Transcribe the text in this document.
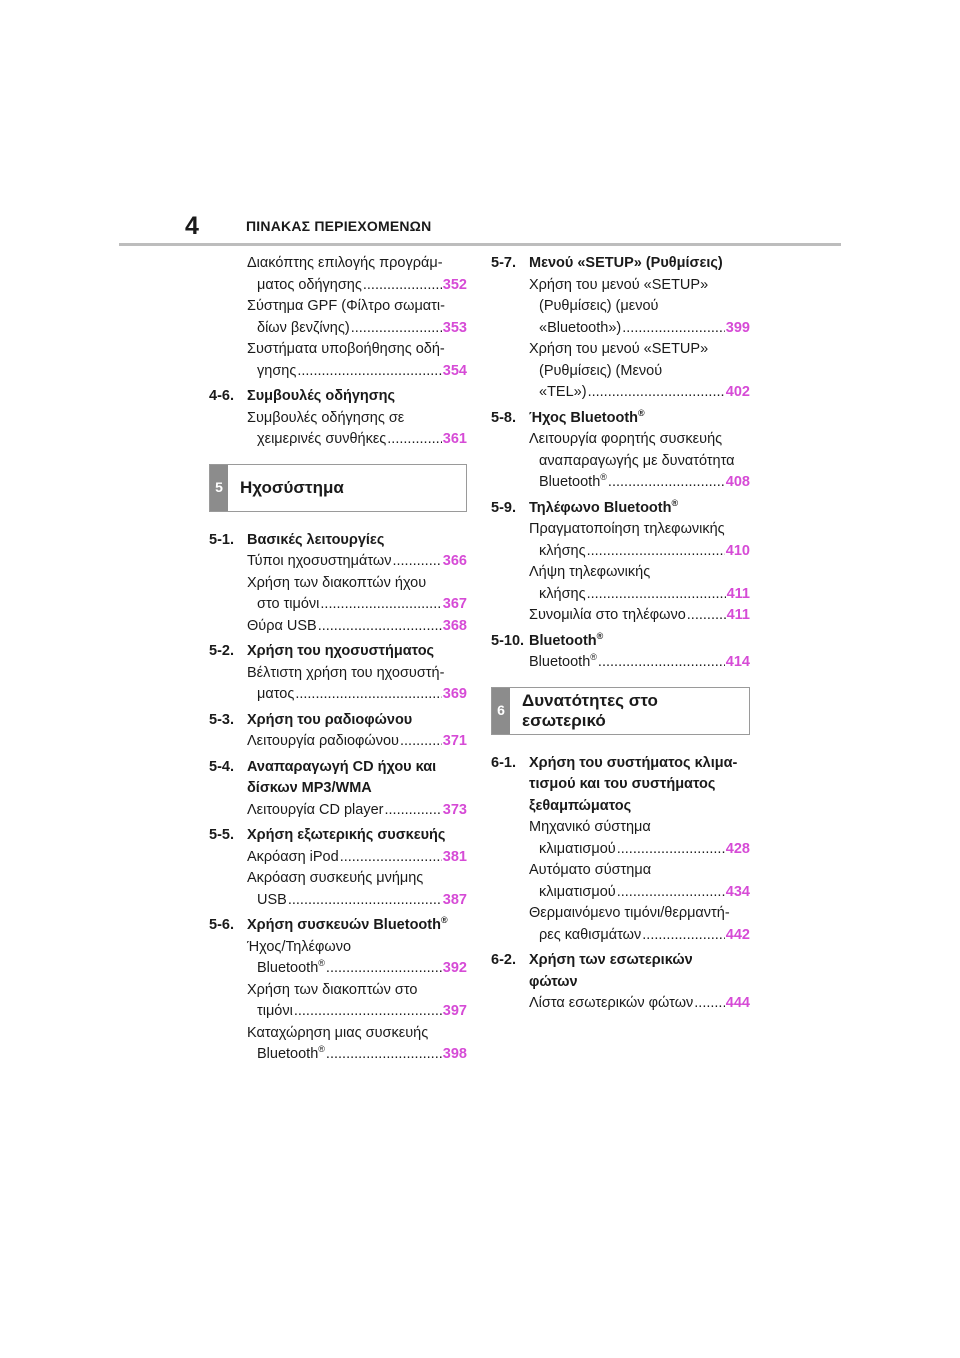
4	ΠΙΝΑΚΑΣ ΠΕΡΙΕΧΟΜΕΝΩΝ
Διακόπτης επιλογής προγράμ-
ματος οδήγησης .....	352
Σύστημα GPF (Φίλτρο σωματι-
δίων βενζίνης) .....	353
Συστήματα υποβοήθησης οδή-
γησης .....	354
4-6. Συμβουλές οδήγησης
Συμβουλές οδήγησης σε
χειμερινές συνθήκες .....	361
5	Ηχοσύστημα
5-1. Βασικές λειτουργίες
Τύποι ηχοσυστημάτων .....	366
Χρήση των διακοπτών ήχου
στο τιμόνι .....	367
Θύρα USB .....	368
5-2. Χρήση του ηχοσυστήματος
Βέλτιστη χρήση του ηχοσυστή-
ματος .....	369
5-3. Χρήση του ραδιοφώνου
Λειτουργία ραδιοφώνου .....	371
5-4. Αναπαραγωγή CD ήχου και
δίσκων MP3/WMA
Λειτουργία CD player .....	373
5-5. Χρήση εξωτερικής συσκευής
Ακρόαση iPod .....	381
Ακρόαση συσκευής μνήμης
USB .....	387
5-6. Χρήση συσκευών Bluetooth®
Ήχος/Τηλέφωνο
Bluetooth® .....	392
Χρήση των διακοπτών στο
τιμόνι .....	397
Καταχώρηση μιας συσκευής
Bluetooth® .....	398
5-7. Μενού «SETUP» (Ρυθμίσεις)
Χρήση του μενού «SETUP»
(Ρυθμίσεις) (μενού
«Bluetooth») .....	399
Χρήση του μενού «SETUP»
(Ρυθμίσεις) (Μενού
«TEL») .....	402
5-8. Ήχος Bluetooth®
Λειτουργία φορητής συσκευής
αναπαραγωγής με δυνατότητα
Bluetooth® .....	408
5-9. Τηλέφωνο Bluetooth®
Πραγματοποίηση τηλεφωνικής
κλήσης .....	410
Λήψη τηλεφωνικής
κλήσης .....	411
Συνομιλία στο τηλέφωνο .....	411
5-10. Bluetooth®
Bluetooth® .....	414
6
Δυνατότητες στο
εσωτερικό
6-1. Χρήση του συστήματος κλιμα-
τισμού και του συστήματος
ξεθαμπώματος
Μηχανικό σύστημα
κλιματισμού .....	428
Αυτόματο σύστημα
κλιματισμού .....	434
Θερμαινόμενο τιμόνι/θερμαντή-
ρες καθισμάτων .....	442
6-2. Χρήση των εσωτερικών
φώτων
Λίστα εσωτερικών φώτων ..... 444
